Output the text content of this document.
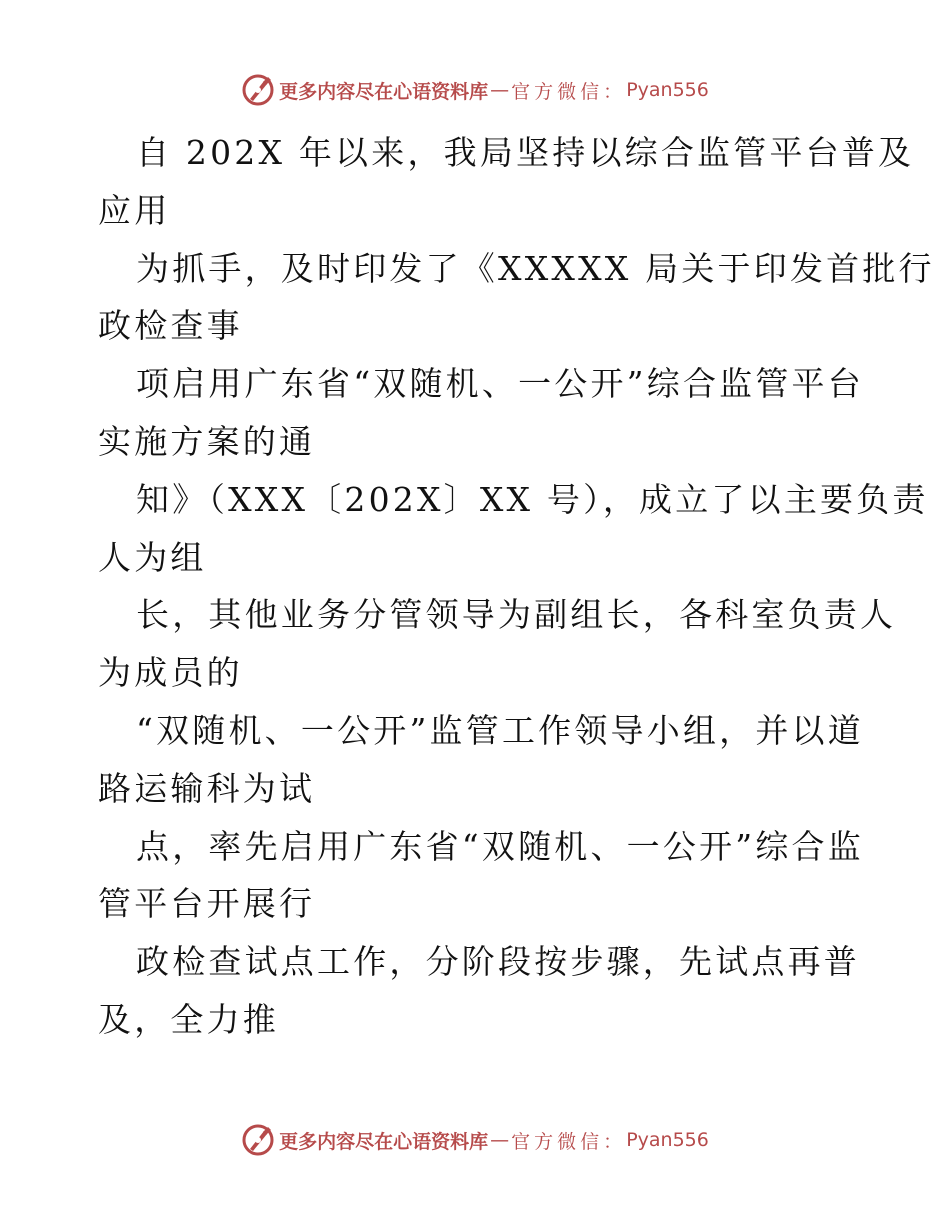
更多内容尽在心语资料库 — 官方微信： Pyan556
自 202X 年以来，我局坚持以综合监管平台普及
应用
为抓手，及时印发了《XXXXX 局关于印发首批行
政检查事
项启用广东省“双随机、一公开”综合监管平台
实施方案的通
知》（XXX〔202X〕XX 号），成立了以主要负责
人为组
长，其他业务分管领导为副组长，各科室负责人
为成员的
“双随机、一公开”监管工作领导小组，并以道
路运输科为试
点，率先启用广东省“双随机、一公开”综合监
管平台开展行
政检查试点工作，分阶段按步骤，先试点再普
及，全力推
更多内容尽在心语资料库 — 官方微信： Pyan556
